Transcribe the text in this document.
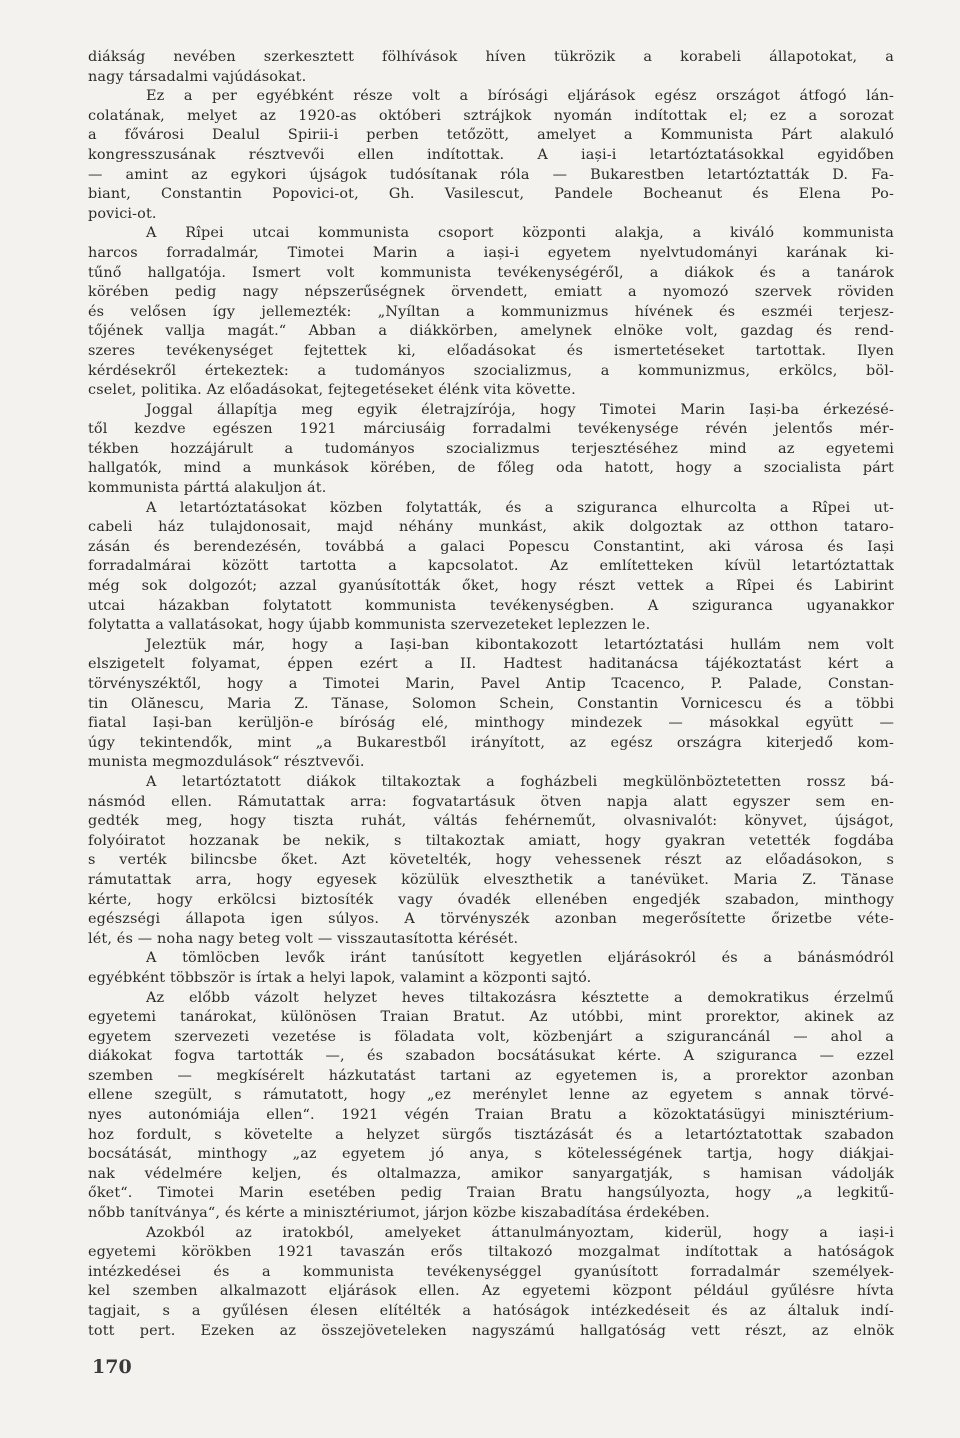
diákság nevében szerkesztett fölhívások híven tükrözik a korabeli állapotokat, a
nagy társadalmi vajúdásokat.
Ez a per egyébként része volt a bírósági eljárások egész országot átfogó lán-
colatának, melyet az 1920-as októberi sztrájkok nyomán indítottak el; ez a sorozat
a fővárosi Dealul Spirii-i perben tetőzött, amelyet a Kommunista Párt alakuló
kongresszusának résztvevői ellen indítottak. A iași-i letartóztatásokkal egyidőben
— amint az egykori újságok tudósítanak róla — Bukarestben letartóztatták D. Fa-
biant, Constantin Popovici-ot, Gh. Vasilescut, Pandele Bocheanut és Elena Po-
povici-ot.
A Rîpei utcai kommunista csoport központi alakja, a kiváló kommunista
harcos forradalmár, Timotei Marin a iași-i egyetem nyelvtudományi karának ki-
tűnő hallgatója. Ismert volt kommunista tevékenységéről, a diákok és a tanárok
körében pedig nagy népszerűségnek örvendett, emiatt a nyomozó szervek röviden
és velősen így jellemezték: „Nyíltan a kommunizmus hívének és eszméi terjesz-
tőjének vallja magát.“ Abban a diákkörben, amelynek elnöke volt, gazdag és rend-
szeres tevékenységet fejtettek ki, előadásokat és ismertetéseket tartottak. Ilyen
kérdésekről értekeztek: a tudományos szocializmus, a kommunizmus, erkölcs, böl-
cselet, politika. Az előadásokat, fejtegetéseket élénk vita követte.
Joggal állapítja meg egyik életrajzírója, hogy Timotei Marin Iași-ba érkezésé-
től kezdve egészen 1921 márciusáig forradalmi tevékenysége révén jelentős mér-
tékben hozzájárult a tudományos szocializmus terjesztéséhez mind az egyetemi
hallgatók, mind a munkások körében, de főleg oda hatott, hogy a szocialista párt
kommunista párttá alakuljon át.
A letartóztatásokat közben folytatták, és a sziguranca elhurcolta a Rîpei ut-
cabeli ház tulajdonosait, majd néhány munkást, akik dolgoztak az otthon tataro-
zásán és berendezésén, továbbá a galaci Popescu Constantint, aki városa és Iași
forradalmárai között tartotta a kapcsolatot. Az említetteken kívül letartóztattak
még sok dolgozót; azzal gyanúsították őket, hogy részt vettek a Rîpei és Labirint
utcai házakban folytatott kommunista tevékenységben. A sziguranca ugyanakkor
folytatta a vallatásokat, hogy újabb kommunista szervezeteket leplezzen le.
Jeleztük már, hogy a Iași-ban kibontakozott letartóztatási hullám nem volt
elszigetelt folyamat, éppen ezért a II. Hadtest haditanácsa tájékoztatást kért a
törvényszéktől, hogy a Timotei Marin, Pavel Antip Tcacenco, P. Palade, Constan-
tin Olănescu, Maria Z. Tănase, Solomon Schein, Constantin Vornicescu és a többi
fiatal Iași-ban kerüljön-e bíróság elé, minthogy mindezek — másokkal együtt —
úgy tekintendők, mint „a Bukarestből irányított, az egész országra kiterjedő kom-
munista megmozdulások“ résztvevői.
A letartóztatott diákok tiltakoztak a fogházbeli megkülönböztetetten rossz bá-
násmód ellen. Rámutattak arra: fogvatartásuk ötven napja alatt egyszer sem en-
gedték meg, hogy tiszta ruhát, váltás fehérneműt, olvasnivalót: könyvet, újságot,
folyóiratot hozzanak be nekik, s tiltakoztak amiatt, hogy gyakran vetették fogdába
s verték bilincsbe őket. Azt követelték, hogy vehessenek részt az előadásokon, s
rámutattak arra, hogy egyesek közülük elveszthetik a tanévüket. Maria Z. Tănase
kérte, hogy erkölcsi biztosíték vagy óvadék ellenében engedjék szabadon, minthogy
egészségi állapota igen súlyos. A törvényszék azonban megerősítette őrizetbe véte-
lét, és — noha nagy beteg volt — visszautasította kérését.
A tömlöcben levők iránt tanúsított kegyetlen eljárásokról és a bánásmódról
egyébként többször is írtak a helyi lapok, valamint a központi sajtó.
Az előbb vázolt helyzet heves tiltakozásra késztette a demokratikus érzelmű
egyetemi tanárokat, különösen Traian Bratut. Az utóbbi, mint prorektor, akinek az
egyetem szervezeti vezetése is föladata volt, közbenjárt a szigurancánál — ahol a
diákokat fogva tartották —, és szabadon bocsátásukat kérte. A sziguranca — ezzel
szemben — megkísérelt házkutatást tartani az egyetemen is, a prorektor azonban
ellene szegült, s rámutatott, hogy „ez merénylet lenne az egyetem s annak törvé-
nyes autonómiája ellen“. 1921 végén Traian Bratu a közoktatásügyi minisztérium-
hoz fordult, s követelte a helyzet sürgős tisztázását és a letartóztatottak szabadon
bocsátását, minthogy „az egyetem jó anya, s kötelességének tartja, hogy diákjai-
nak védelmére keljen, és oltalmazza, amikor sanyargatják, s hamisan vádolják
őket“. Timotei Marin esetében pedig Traian Bratu hangsúlyozta, hogy „a legkitű-
nőbb tanítványa“, és kérte a minisztériumot, járjon közbe kiszabadítása érdekében.
Azokból az iratokból, amelyeket áttanulmányoztam, kiderül, hogy a iași-i
egyetemi körökben 1921 tavaszán erős tiltakozó mozgalmat indítottak a hatóságok
intézkedései és a kommunista tevékenységgel gyanúsított forradalmár személyek-
kel szemben alkalmazott eljárások ellen. Az egyetemi központ például gyűlésre hívta
tagjait, s a gyűlésen élesen elítélték a hatóságok intézkedéseit és az általuk indí-
tott pert. Ezeken az összejöveteleken nagyszámú hallgatóság vett részt, az elnök
170
